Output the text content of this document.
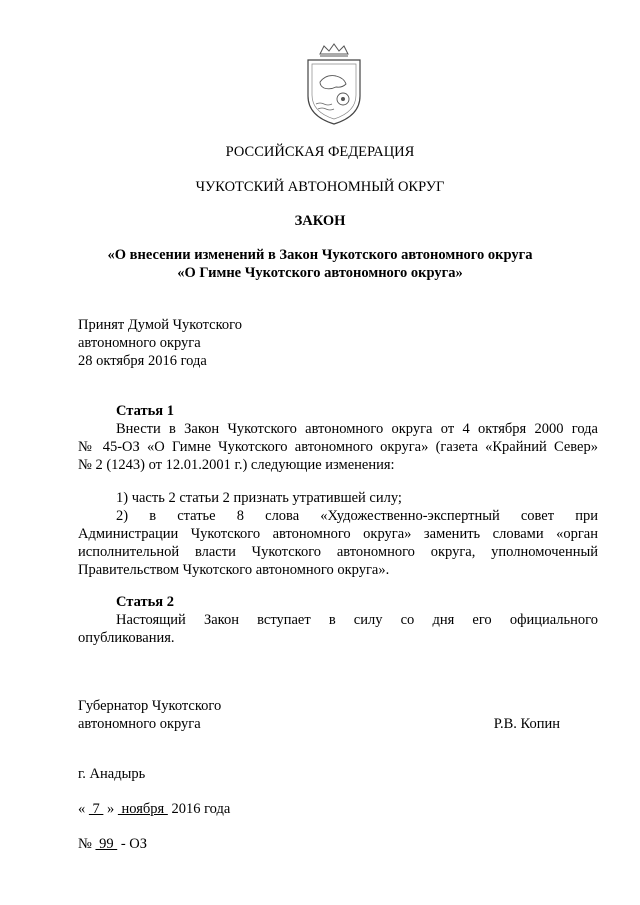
РОССИЙСКАЯ ФЕДЕРАЦИЯ
ЧУКОТСКИЙ АВТОНОМНЫЙ ОКРУГ
ЗАКОН
«О внесении изменений в Закон Чукотского автономного округа
«О Гимне Чукотского автономного округа»
Принят Думой Чукотского
автономного округа
28 октября 2016 года
Статья 1
Внести в Закон Чукотского автономного округа от 4 октября 2000 года
№ 45-ОЗ «О Гимне Чукотского автономного округа» (газета «Крайний Север»
№ 2 (1243) от 12.01.2001 г.) следующие изменения:
1) часть 2 статьи 2 признать утратившей силу;
2) в статье 8 слова «Художественно-экспертный совет при
Администрации Чукотского автономного округа» заменить словами «орган
исполнительной власти Чукотского автономного округа, уполномоченный
Правительством Чукотского автономного округа».
Статья 2
Настоящий Закон вступает в силу со дня его официального
опубликования.
Губернатор Чукотского
автономного округа	Р.В. Копин
г. Анадырь
«  7  »  ноября  2016 года
№  99  - ОЗ
